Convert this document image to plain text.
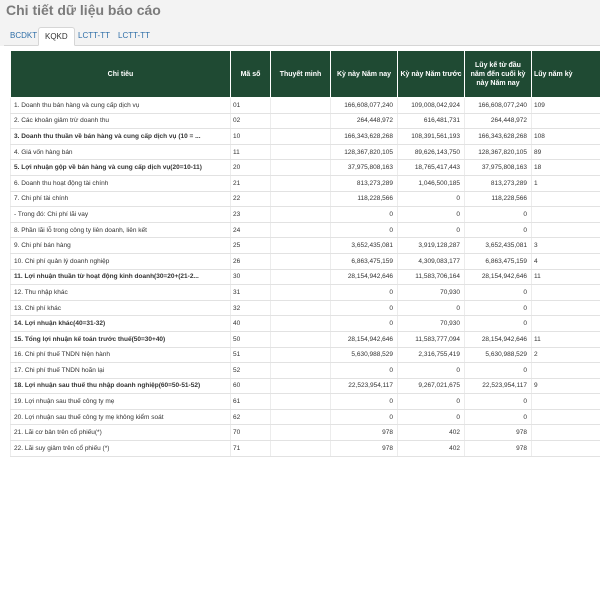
Chi tiết dữ liệu báo cáo
BCDKT KQKD	LCTT-TT	LCTT-TT
Chỉ tiêu	Mã số	Thuyết minh	Kỳ này Năm nay	Kỳ này Năm trước	Lũy kế từ đầu năm đến cuối kỳ này Năm nay	Lũy năm kỳ
1. Doanh thu bán hàng và cung cấp dịch vụ	01		166,608,077,240	109,008,042,924	166,608,077,240	109
2. Các khoản giảm trừ doanh thu	02		264,448,972	616,481,731	264,448,972	
3. Doanh thu thuần về bán hàng và cung cấp dịch vụ (10 = ...	10		166,343,628,268	108,391,561,193	166,343,628,268	108
4. Giá vốn hàng bán	11		128,367,820,105	89,626,143,750	128,367,820,105	89
5. Lợi nhuận gộp về bán hàng và cung cấp dịch vụ(20=10-11)	20		37,975,808,163	18,765,417,443	37,975,808,163	18
6. Doanh thu hoạt động tài chính	21		813,273,289	1,046,500,185	813,273,289	1
7. Chi phí tài chính	22		118,228,566	0	118,228,566	
- Trong đó: Chi phí lãi vay	23		0	0	0	
8. Phần lãi lỗ trong công ty liên doanh, liên kết	24		0	0	0	
9. Chi phí bán hàng	25		3,652,435,081	3,919,128,287	3,652,435,081	3
10. Chi phí quản lý doanh nghiệp	26		6,863,475,159	4,309,083,177	6,863,475,159	4
11. Lợi nhuận thuần từ hoạt động kinh doanh(30=20+(21-2...	30		28,154,942,646	11,583,706,164	28,154,942,646	11
12. Thu nhập khác	31		0	70,930	0	
13. Chi phí khác	32		0	0	0	
14. Lợi nhuận khác(40=31-32)	40		0	70,930	0	
15. Tổng lợi nhuận kế toán trước thuế(50=30+40)	50		28,154,942,646	11,583,777,094	28,154,942,646	11
16. Chi phí thuế TNDN hiện hành	51		5,630,988,529	2,316,755,419	5,630,988,529	2
17. Chi phí thuế TNDN hoãn lại	52		0	0	0	
18. Lợi nhuận sau thuế thu nhập doanh nghiệp(60=50-51-52)	60		22,523,954,117	9,267,021,675	22,523,954,117	9
19. Lợi nhuận sau thuế công ty mẹ	61		0	0	0	
20. Lợi nhuận sau thuế công ty mẹ không kiểm soát	62		0	0	0	
21. Lãi cơ bản trên cổ phiếu(*)	70		978	402	978	
22. Lãi suy giảm trên cổ phiếu (*)	71		978	402	978	
